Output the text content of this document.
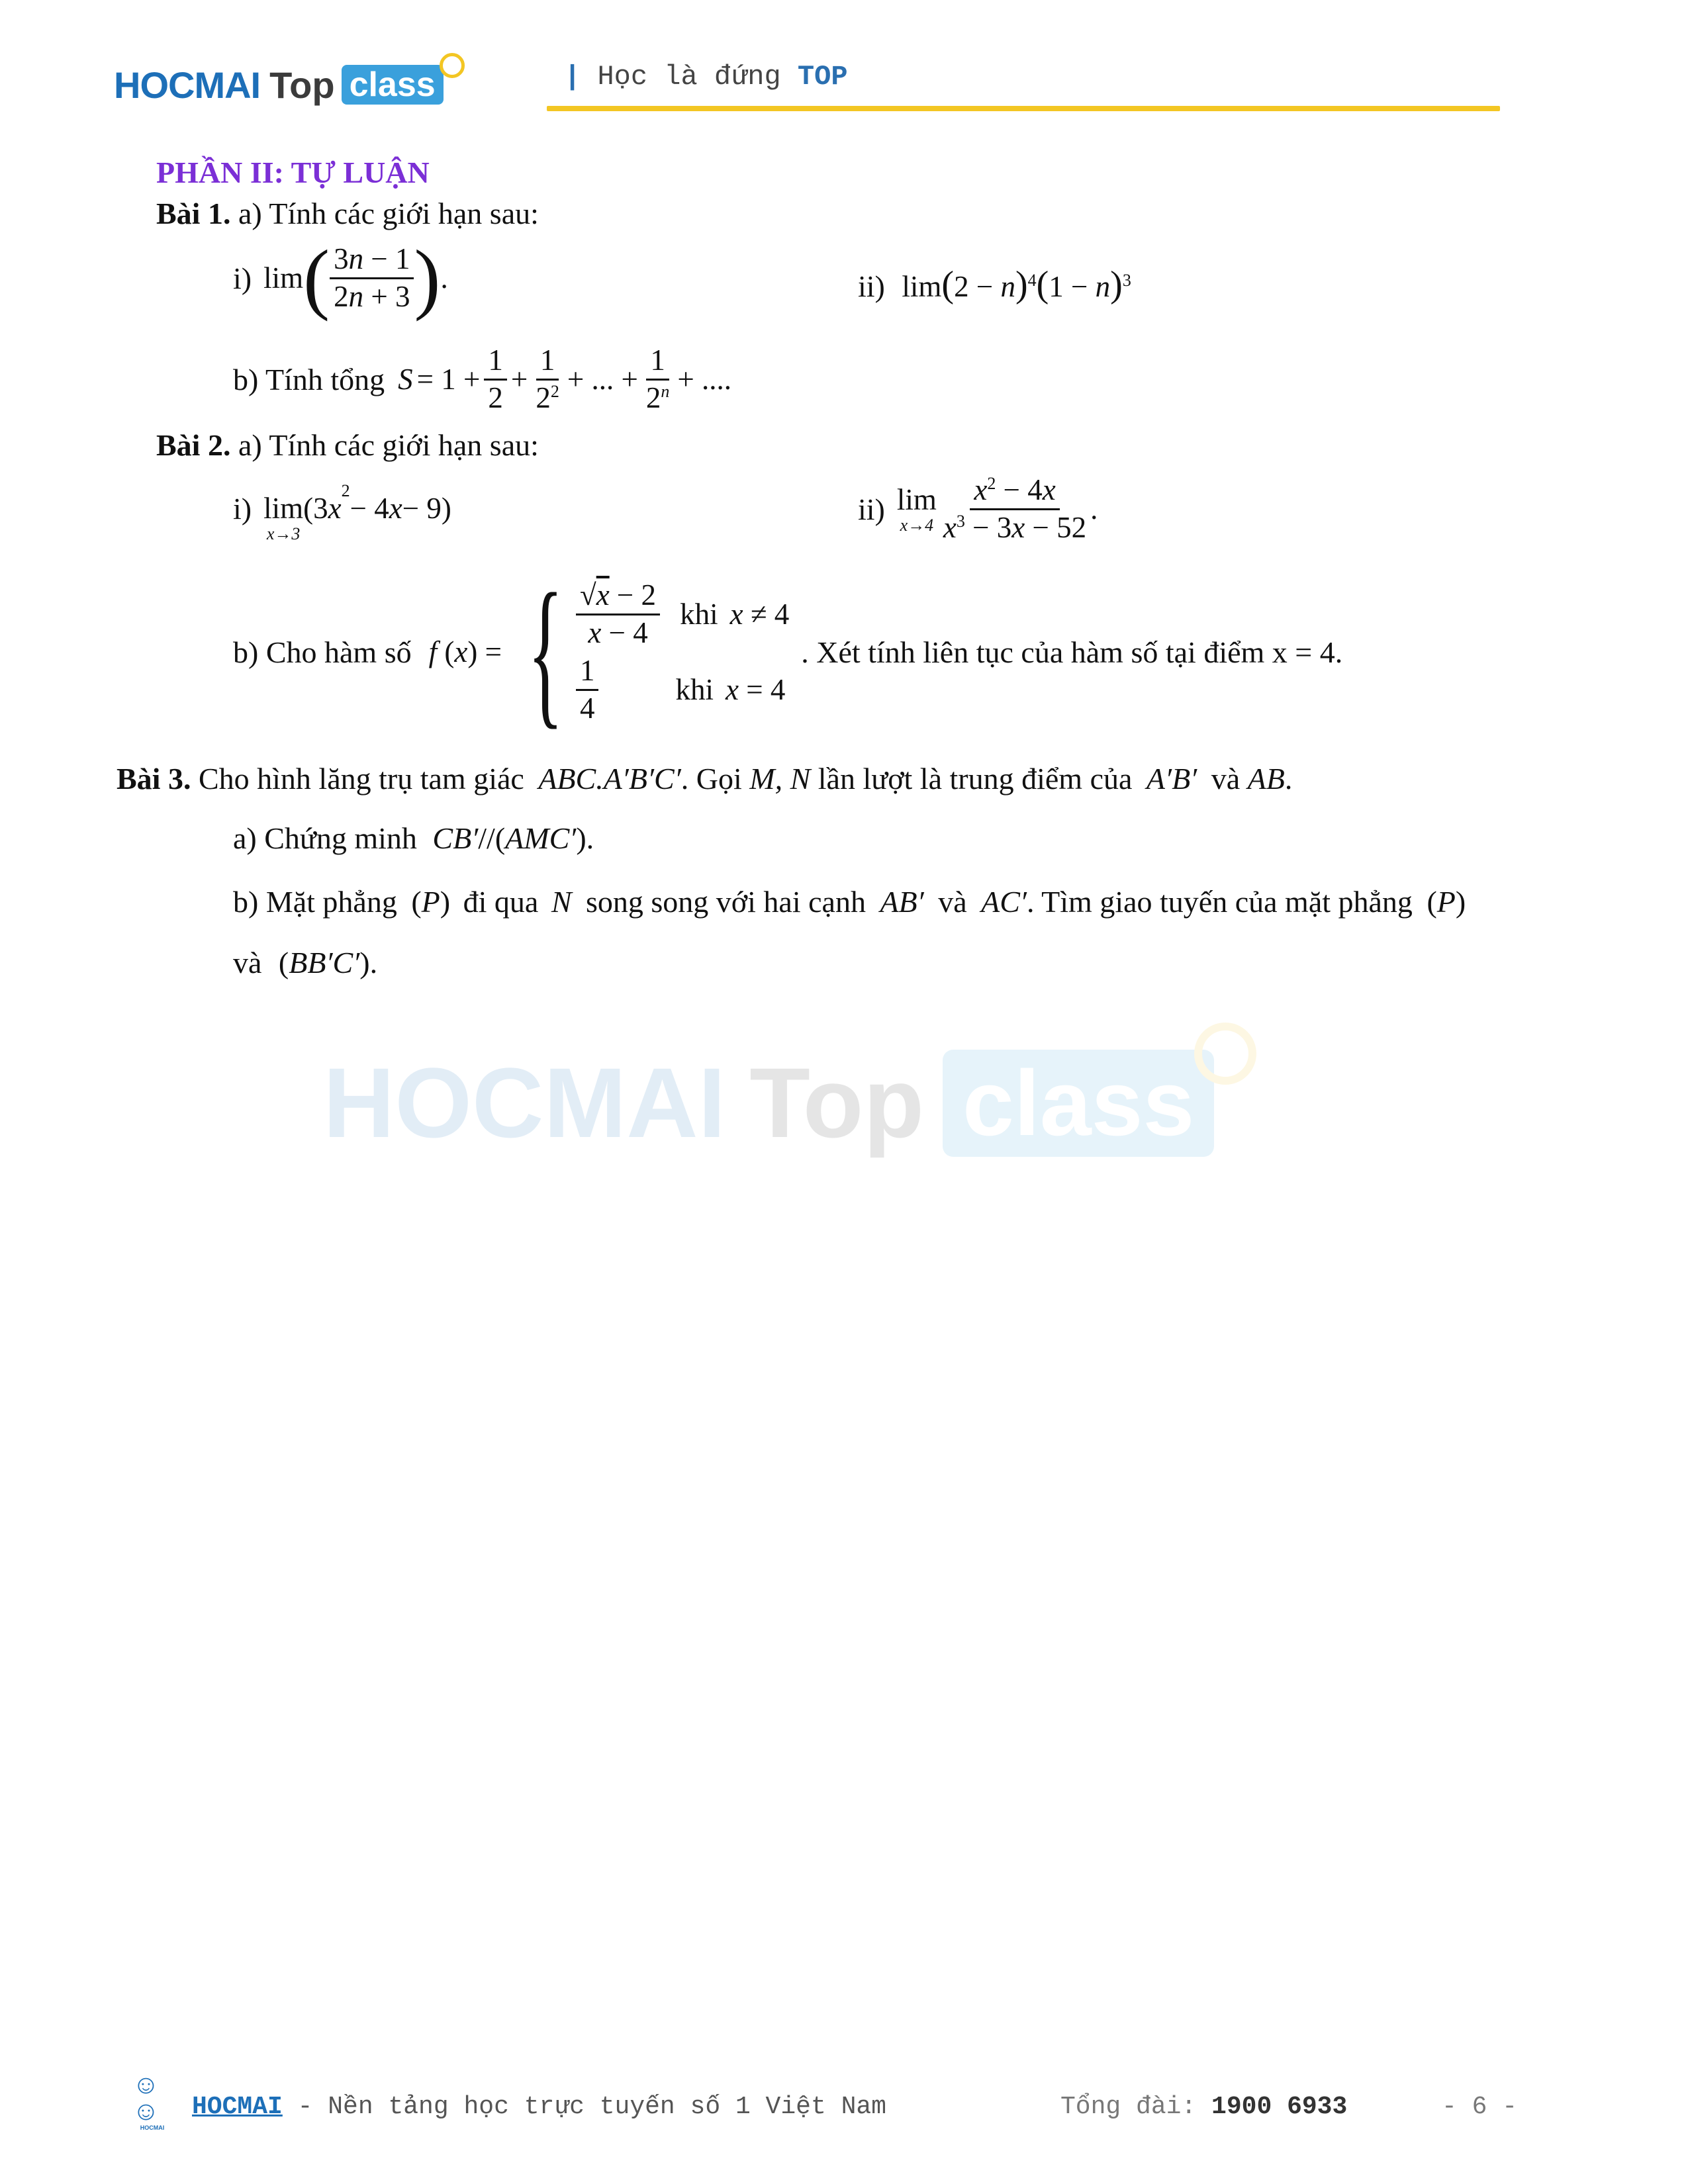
HOCMAI Top class	| Học là đứng TOP
PHẦN II: TỰ LUẬN
Bài 1. a) Tính các giới hạn sau:
i) lim ( $\frac{3n - 1}{2n + 3}$ ) .	ii) $\lim(2 - n)^4(1 - n)^3$
b) Tính tổng $S = 1 + \frac{1}{2} + \frac{1}{2^2}$ + ... + $\frac{1}{2^n}$ + ....
Bài 2. a) Tính các giới hạn sau:
i) lim
x→3
(3 x
2
− 4 x − 9)	ii) lim
$x\to 4 \frac{x^2 - 4x}{x^3 - 3x - 52}$ .
b) Cho hàm số f (x) = { $\frac{√x - 2}{x - 4}$ khi x ≠ 4
$\frac{1}{4}$	khi x = 4
. Xét tính liên tục của hàm số tại điểm x = 4.
Bài 3. Cho hình lăng trụ tam giác ABC.A′B′C′. Gọi M, N lần lượt là trung điểm của A′B′ và AB.
a) Chứng minh CB′//(AMC′).
b) Mặt phẳng (P) đi qua N song song với hai cạnh AB′ và AC′. Tìm giao tuyến của mặt phẳng (P)
và (BB′C′).
HOCMAI Top class
☺☺
HOCMAI
HOCMAI - Nền tảng học trực tuyến số 1 Việt Nam	Tổng đài: 1900 6933	- 6 -
